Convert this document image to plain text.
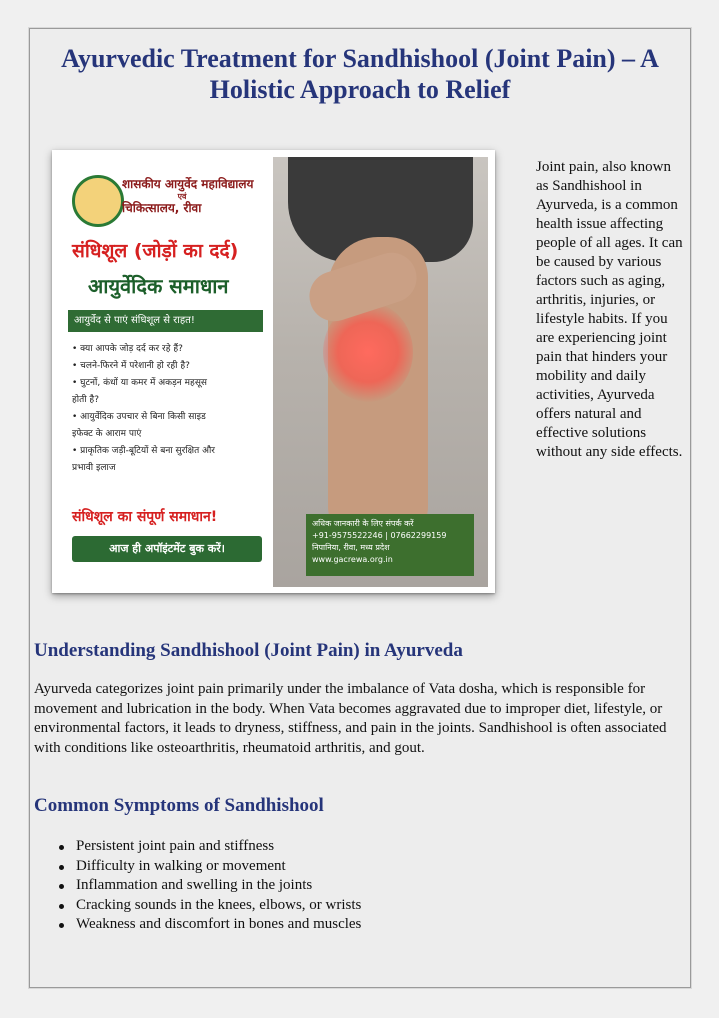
Ayurvedic Treatment for Sandhishool (Joint Pain) – A Holistic Approach to Relief
शासकीय आयुर्वेद महाविद्यालय
एवं
चिकित्सालय, रीवा
संधिशूल (जोड़ों का दर्द)
आयुर्वेदिक समाधान
आयुर्वेद से पाएं संधिशूल से राहत!
• क्या आपके जोड़ दर्द कर रहे हैं?
• चलने-फिरने में परेशानी हो रही है?
• घुटनों, कंधों या कमर में अकड़न महसूस
होती है?
• आयुर्वेदिक उपचार से बिना किसी साइड
इफेक्ट के आराम पाएं
• प्राकृतिक जड़ी-बूटियों से बना सुरक्षित और
प्रभावी इलाज
संधिशूल का संपूर्ण समाधान!
आज ही अपॉइंटमेंट बुक करें।
अधिक जानकारी के लिए संपर्क करें
+91-9575522246 | 07662299159
निपानिया, रीवा, मध्य प्रदेश
www.gacrewa.org.in
Joint pain, also known as Sandhishool in Ayurveda, is a common health issue affecting people of all ages. It can be caused by various factors such as aging, arthritis, injuries, or lifestyle habits. If you are experiencing joint pain that hinders your mobility and daily activities, Ayurveda offers natural and effective solutions without any side effects.
Understanding Sandhishool (Joint Pain) in Ayurveda
Ayurveda categorizes joint pain primarily under the imbalance of Vata dosha, which is responsible for movement and lubrication in the body. When Vata becomes aggravated due to improper diet, lifestyle, or environmental factors, it leads to dryness, stiffness, and pain in the joints. Sandhishool is often associated with conditions like osteoarthritis, rheumatoid arthritis, and gout.
Common Symptoms of Sandhishool
Persistent joint pain and stiffness
Difficulty in walking or movement
Inflammation and swelling in the joints
Cracking sounds in the knees, elbows, or wrists
Weakness and discomfort in bones and muscles
